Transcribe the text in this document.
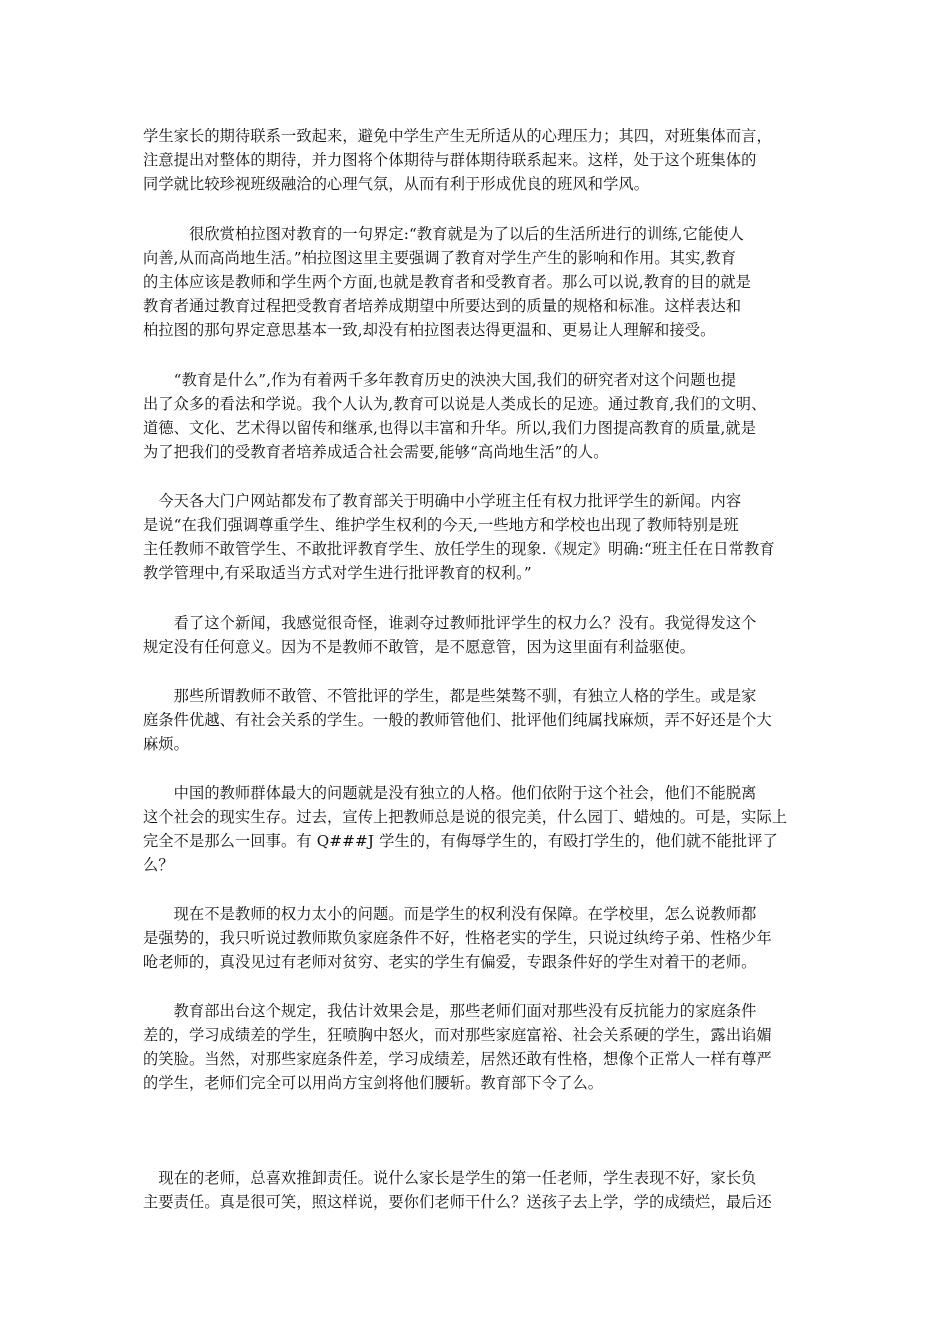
学生家长的期待联系一致起来，避免中学生产生无所适从的心理压力；其四，对班集体而言，
注意提出对整体的期待，并力图将个体期待与群体期待联系起来。这样，处于这个班集体的
同学就比较珍视班级融洽的心理气氛，从而有利于形成优良的班风和学风。

　　　很欣赏柏拉图对教育的一句界定:“教育就是为了以后的生活所进行的训练,它能使人
向善,从而高尚地生活。”柏拉图这里主要强调了教育对学生产生的影响和作用。其实,教育
的主体应该是教师和学生两个方面,也就是教育者和受教育者。那么可以说,教育的目的就是
教育者通过教育过程把受教育者培养成期望中所要达到的质量的规格和标准。这样表达和
柏拉图的那句界定意思基本一致,却没有柏拉图表达得更温和、更易让人理解和接受。

　　“教育是什么”,作为有着两千多年教育历史的泱泱大国,我们的研究者对这个问题也提
出了众多的看法和学说。我个人认为,教育可以说是人类成长的足迹。通过教育,我们的文明、
道德、文化、艺术得以留传和继承,也得以丰富和升华。所以,我们力图提高教育的质量,就是
为了把我们的受教育者培养成适合社会需要,能够“高尚地生活”的人。

　今天各大门户网站都发布了教育部关于明确中小学班主任有权力批评学生的新闻。内容
是说“在我们强调尊重学生、维护学生权利的今天,一些地方和学校也出现了教师特别是班
主任教师不敢管学生、不敢批评教育学生、放任学生的现象.《规定》明确:“班主任在日常教育
教学管理中,有采取适当方式对学生进行批评教育的权利。”

　　看了这个新闻，我感觉很奇怪，谁剥夺过教师批评学生的权力么？没有。我觉得发这个
规定没有任何意义。因为不是教师不敢管，是不愿意管，因为这里面有利益驱使。

　　那些所谓教师不敢管、不管批评的学生，都是些桀骜不驯，有独立人格的学生。或是家
庭条件优越、有社会关系的学生。一般的教师管他们、批评他们纯属找麻烦，弄不好还是个大
麻烦。

　　中国的教师群体最大的问题就是没有独立的人格。他们依附于这个社会，他们不能脱离
这个社会的现实生存。过去，宣传上把教师总是说的很完美，什么园丁、蜡烛的。可是，实际上
完全不是那么一回事。有 Q###J 学生的，有侮辱学生的，有殴打学生的，他们就不能批评了
么？

　　现在不是教师的权力太小的问题。而是学生的权利没有保障。在学校里，怎么说教师都
是强势的，我只听说过教师欺负家庭条件不好，性格老实的学生，只说过纨绔子弟、性格少年
呛老师的，真没见过有老师对贫穷、老实的学生有偏爱，专跟条件好的学生对着干的老师。

　　教育部出台这个规定，我估计效果会是，那些老师们面对那些没有反抗能力的家庭条件
差的，学习成绩差的学生，狂喷胸中怒火，而对那些家庭富裕、社会关系硬的学生，露出谄媚
的笑脸。当然，对那些家庭条件差，学习成绩差，居然还敢有性格，想像个正常人一样有尊严
的学生，老师们完全可以用尚方宝剑将他们腰斩。教育部下令了么。

　现在的老师，总喜欢推卸责任。说什么家长是学生的第一任老师，学生表现不好，家长负
主要责任。真是很可笑，照这样说，要你们老师干什么？送孩子去上学，学的成绩烂，最后还
